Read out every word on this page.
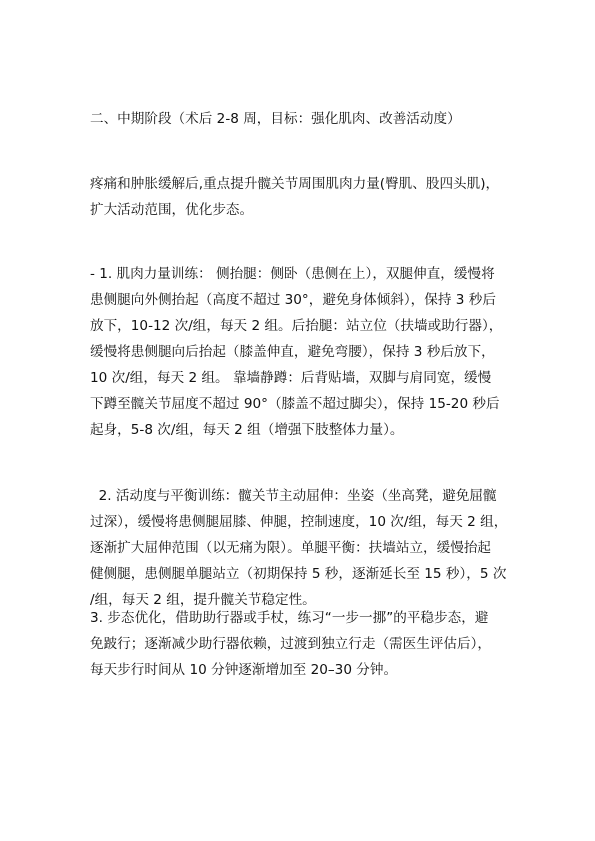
二、中期阶段（术后 2-8 周，目标：强化肌肉、改善活动度）

疼痛和肿胀缓解后,重点提升髋关节周围肌肉力量(臀肌、股四头肌)，
扩大活动范围，优化步态。

- 1. 肌肉力量训练： 侧抬腿：侧卧（患侧在上），双腿伸直，缓慢将
患侧腿向外侧抬起（高度不超过 30°，避免身体倾斜），保持 3 秒后
放下，10-12 次/组，每天 2 组。后抬腿：站立位（扶墙或助行器），
缓慢将患侧腿向后抬起（膝盖伸直，避免弯腰），保持 3 秒后放下，
10 次/组，每天 2 组。 靠墙静蹲：后背贴墙，双脚与肩同宽，缓慢
下蹲至髋关节屈度不超过 90°（膝盖不超过脚尖），保持 15-20 秒后
起身，5-8 次/组，每天 2 组（增强下肢整体力量）。

2. 活动度与平衡训练：髋关节主动屈伸：坐姿（坐高凳，避免屈髋
过深），缓慢将患侧腿屈膝、伸腿，控制速度，10 次/组，每天 2 组，
逐渐扩大屈伸范围（以无痛为限）。单腿平衡：扶墙站立，缓慢抬起
健侧腿，患侧腿单腿站立（初期保持 5 秒，逐渐延长至 15 秒），5 次
/组，每天 2 组，提升髋关节稳定性。

3. 步态优化，借助助行器或手杖，练习“一步一挪”的平稳步态，避
免跛行；逐渐减少助行器依赖，过渡到独立行走（需医生评估后），
每天步行时间从 10 分钟逐渐增加至 20–30 分钟。
